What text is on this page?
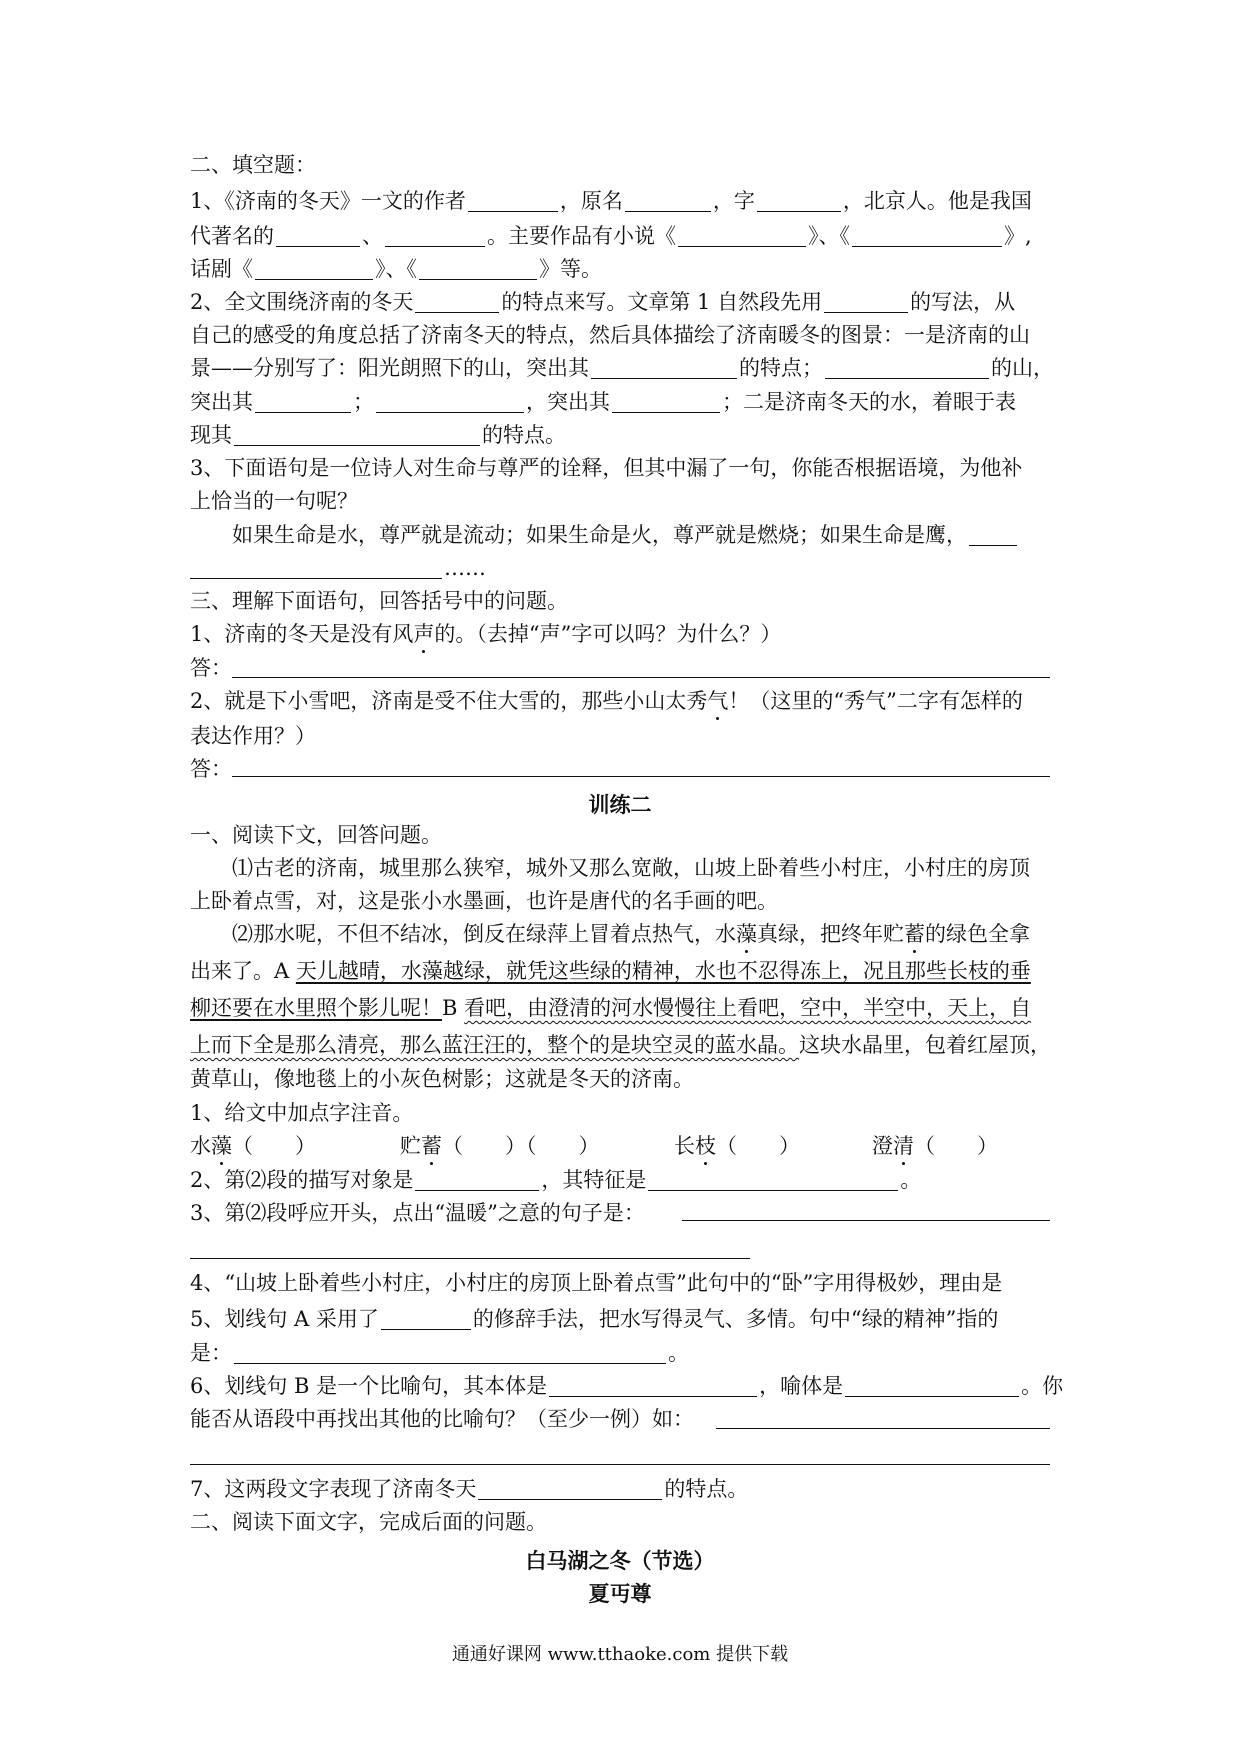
二、填空题：
1、《济南的冬天》一文的作者	，原名	，字	，北京人。他是我国
代著名的	、	。主要作品有小说《	》、《	》,
话剧《	》、《	》等。
2、全文围绕济南的冬天	的特点来写。文章第 1 自然段先用	的写法，从
自己的感受的角度总括了济南冬天的特点，然后具体描绘了济南暖冬的图景：一是济南的山
景——分别写了：阳光朗照下的山，突出其	的特点；	的山，
突出其	；	，突出其	；二是济南冬天的水，着眼于表
现其	的特点。
3、下面语句是一位诗人对生命与尊严的诠释，但其中漏了一句，你能否根据语境，为他补
上恰当的一句呢？
如果生命是水，尊严就是流动；如果生命是火，尊严就是燃烧；如果生命是鹰，
……
三、理解下面语句，回答括号中的问题。
1、济南的冬天是没有风声的。（去掉“声”字可以吗？为什么？）
答：
2、就是下小雪吧，济南是受不住大雪的，那些小山太秀气！（这里的“秀气”二字有怎样的
表达作用？）
答：
训练二
一、阅读下文，回答问题。
⑴古老的济南，城里那么狭窄，城外又那么宽敞，山坡上卧着些小村庄，小村庄的房顶
上卧着点雪，对，这是张小水墨画，也许是唐代的名手画的吧。
⑵那水呢，不但不结冰，倒反在绿萍上冒着点热气，水藻真绿，把终年贮蓄的绿色全拿
出来了。A 天儿越晴，水藻越绿，就凭这些绿的精神，水也不忍得冻上，况且那些长枝的垂
柳还要在水里照个影儿呢！B 看吧，由澄清的河水慢慢往上看吧，空中，半空中，天上，自
上而下全是那么清亮，那么蓝汪汪的，整个的是块空灵的蓝水晶。这块水晶里，包着红屋顶，
黄草山，像地毯上的小灰色树影；这就是冬天的济南。
1、给文中加点字注音。
水藻（　　）	贮蓄（　　）（　　）	长枝（　　）	澄清（　　）
2、第⑵段的描写对象是	，其特征是	。
3、第⑵段呼应开头，点出“温暖”之意的句子是：
4、“山坡上卧着些小村庄，小村庄的房顶上卧着点雪”此句中的“卧”字用得极妙，理由是
5、划线句 A 采用了	的修辞手法，把水写得灵气、多情。句中“绿的精神”指的
是：	。
6、划线句 B 是一个比喻句，其本体是	，喻体是	。你
能否从语段中再找出其他的比喻句？（至少一例）如：
7、这两段文字表现了济南冬天	的特点。
二、阅读下面文字，完成后面的问题。
白马湖之冬（节选）
夏丏尊
通通好课网 www.tthaoke.com 提供下载
